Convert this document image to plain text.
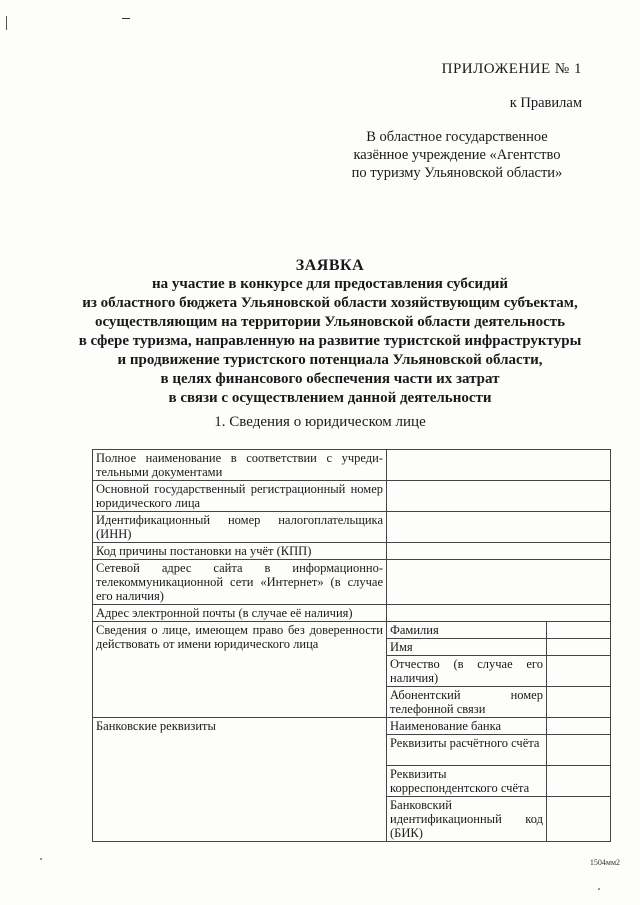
ПРИЛОЖЕНИЕ № 1
к Правилам
В областное государственное
казённое учреждение «Агентство
по туризму Ульяновской области»
ЗАЯВКА
на участие в конкурсе для предоставления субсидий
из областного бюджета Ульяновской области хозяйствующим субъектам,
осуществляющим на территории Ульяновской области деятельность
в сфере туризма, направленную на развитие туристской инфраструктуры
и продвижение туристского потенциала Ульяновской области,
в целях финансового обеспечения части их затрат
в связи с осуществлением данной деятельности
1. Сведения о юридическом лице
Полное наименование в соответствии с учреди-тельными документами		
Основной государственный регистрационный номер юридического лица		
Идентификационный номер налогоплательщика (ИНН)		
Код причины постановки на учёт (КПП)		
Сетевой адрес сайта в информационно-телекоммуникационной сети «Интернет» (в случае его наличия)		
Адрес электронной почты (в случае её наличия)		
Сведения о лице, имеющем право без доверенности действовать от имени юридического лица	Фамилия	
	Имя	
	Отчество (в случае его наличия)	
	Абонентский номер телефонной связи	
Банковские реквизиты	Наименование банка	
	Реквизиты расчётного счёта	
	Реквизиты корреспондентского счёта	
	Банковский идентификационный код (БИК)	
1504мм2
